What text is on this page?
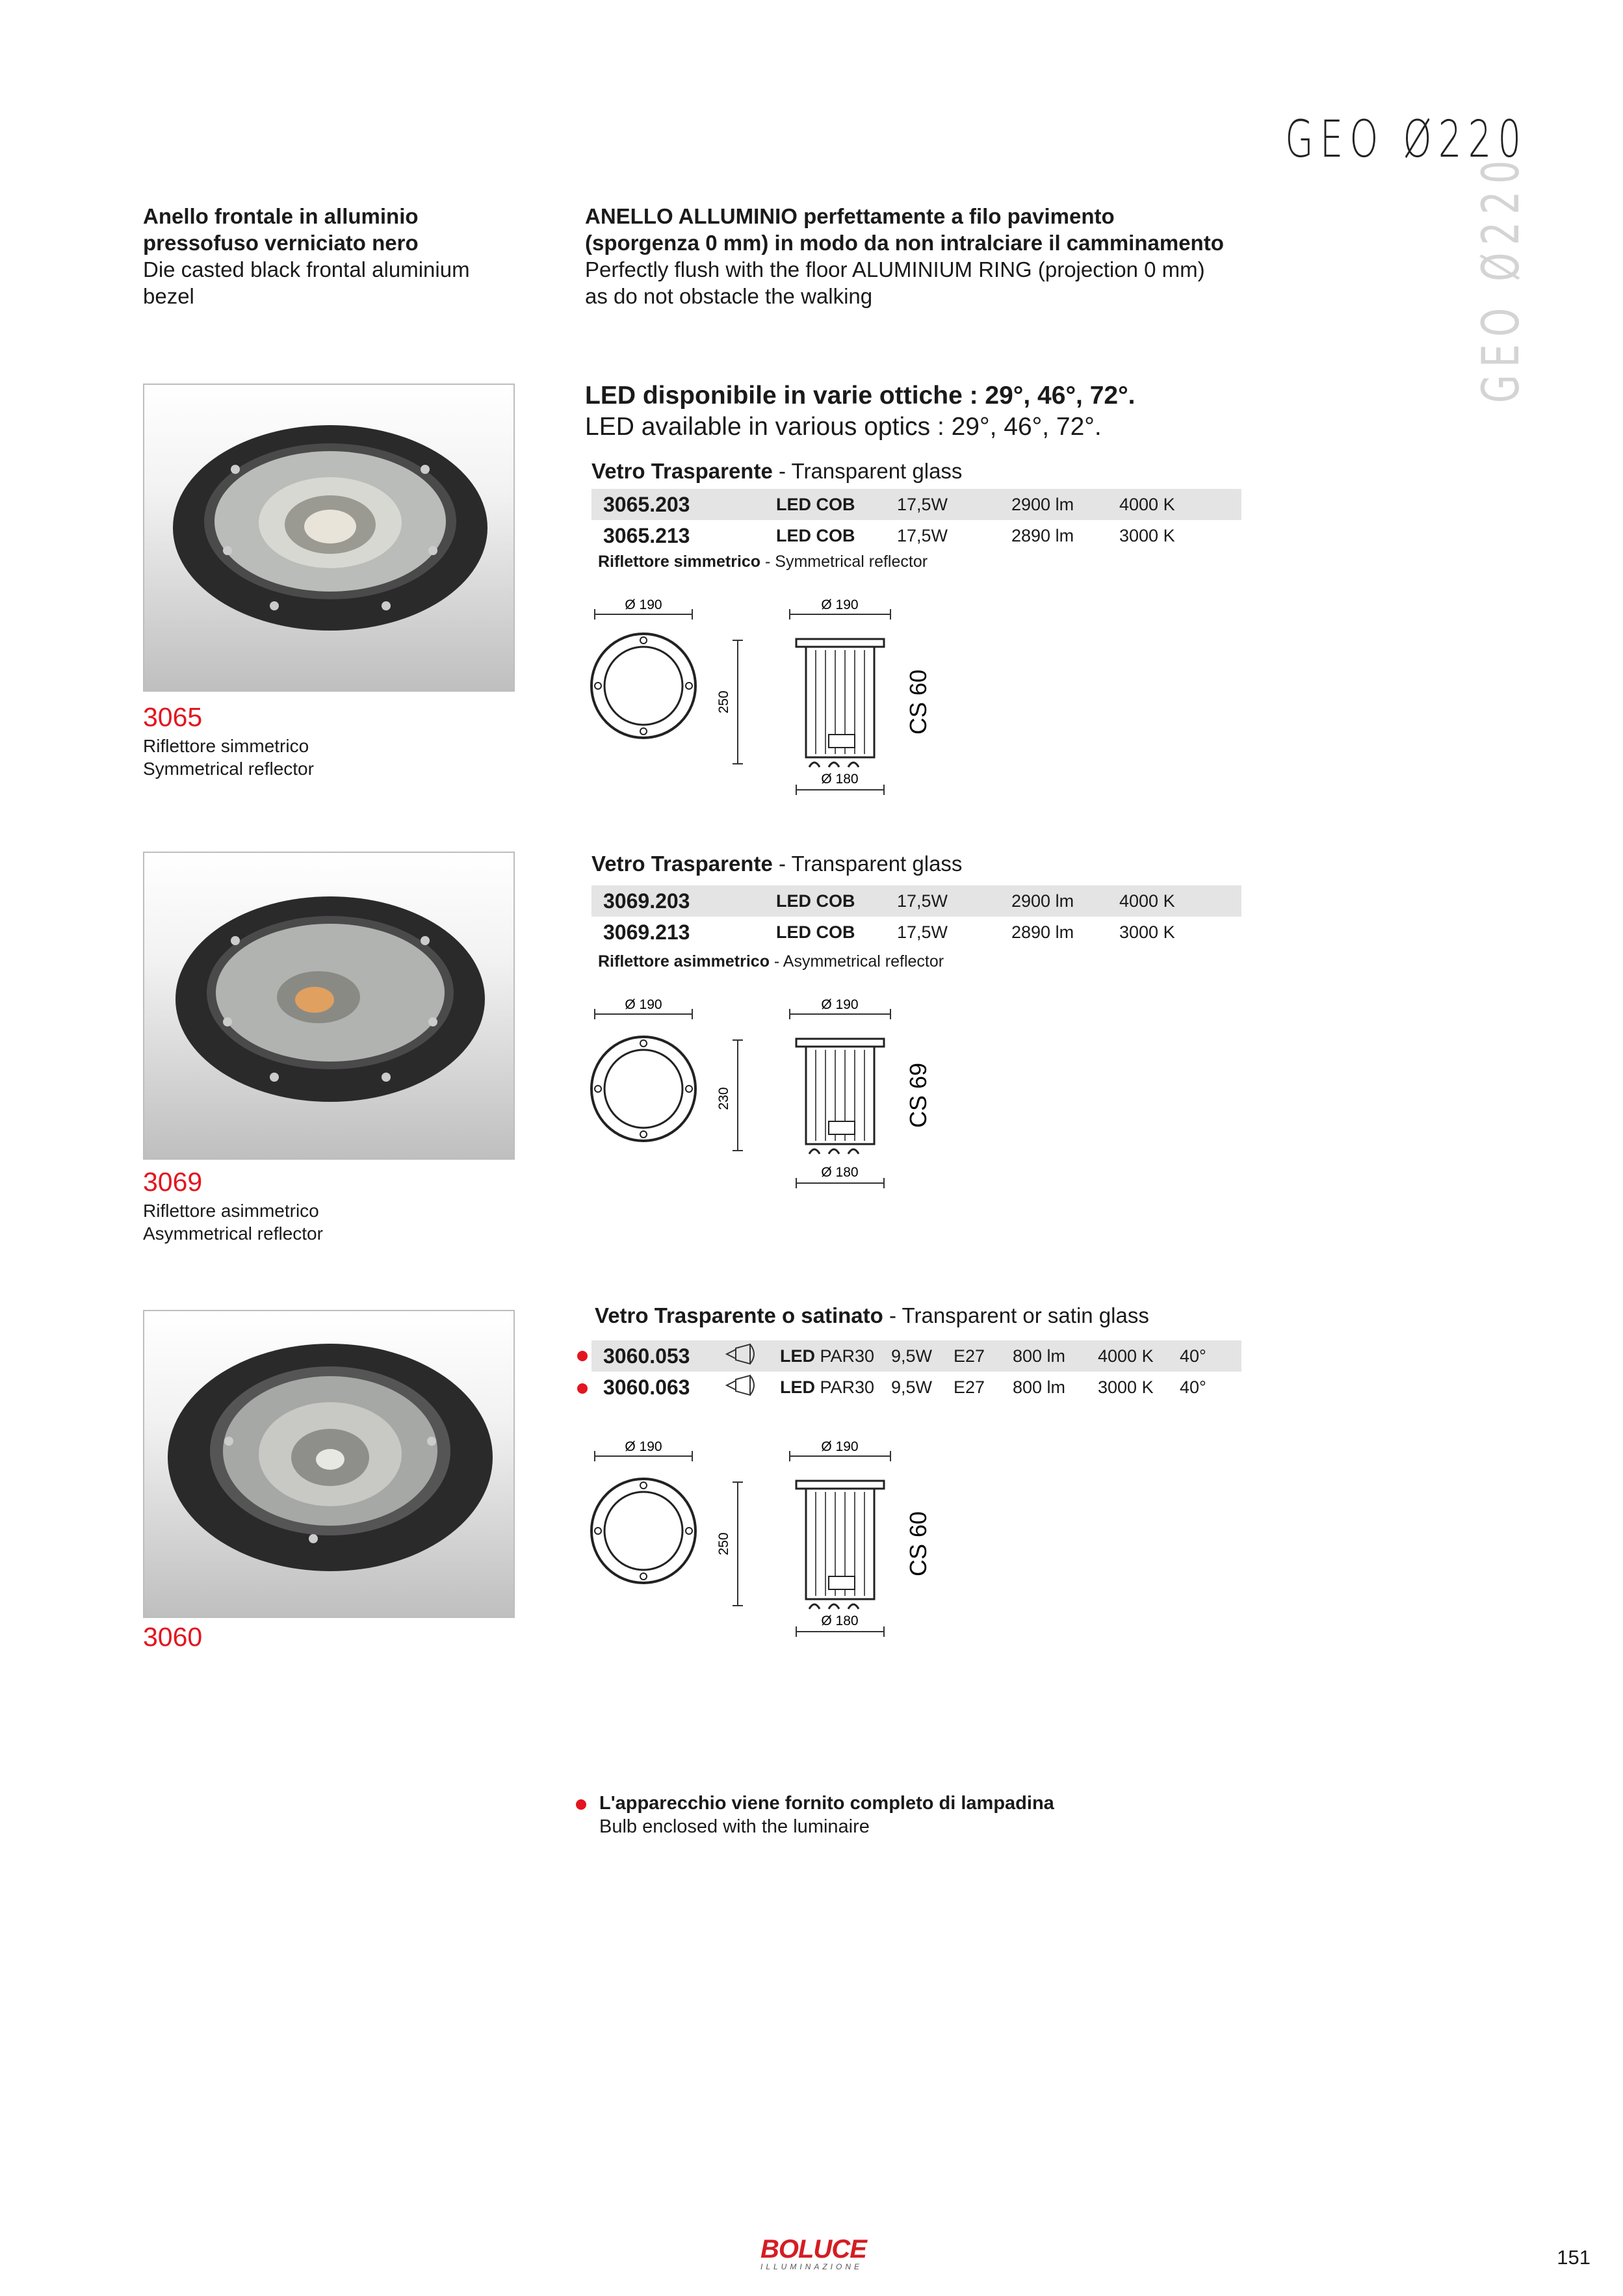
GEO Ø220
GEO Ø220
Anello frontale in alluminio
pressofuso verniciato nero
Die casted black frontal aluminium
bezel
ANELLO ALLUMINIO perfettamente a filo pavimento
(sporgenza 0 mm) in modo da non intralciare il camminamento
Perfectly flush with the floor ALUMINIUM RING (projection 0 mm)
as do not obstacle the walking
LED disponibile in varie ottiche : 29°, 46°, 72°.
LED available in various optics : 29°, 46°, 72°.
3065
Riflettore simmetrico
Symmetrical reflector
Vetro Trasparente - Transparent glass
3065.203	LED COB	17,5W	2900 lm	4000 K
3065.213	LED COB	17,5W	2890 lm	3000 K
Riflettore simmetrico - Symmetrical reflector
Ø 190	Ø 190
250
Ø 180
CS 60
3069
Riflettore asimmetrico
Asymmetrical reflector
Vetro Trasparente - Transparent glass
3069.203	LED COB	17,5W	2900 lm	4000 K
3069.213	LED COB	17,5W	2890 lm	3000 K
Riflettore asimmetrico - Asymmetrical reflector
Ø 190	Ø 190
230
Ø 180
CS 69
3060
Vetro Trasparente o satinato - Transparent or satin glass
3060.053		LED PAR30	9,5W	E27	800 lm	4000 K	40°
3060.063		LED PAR30	9,5W	E27	800 lm	3000 K	40°
Ø 190	Ø 190
250
Ø 180
CS 60
L'apparecchio viene fornito completo di lampadina
Bulb enclosed with the luminaire
BOLUCE
ILLUMINAZIONE	151
